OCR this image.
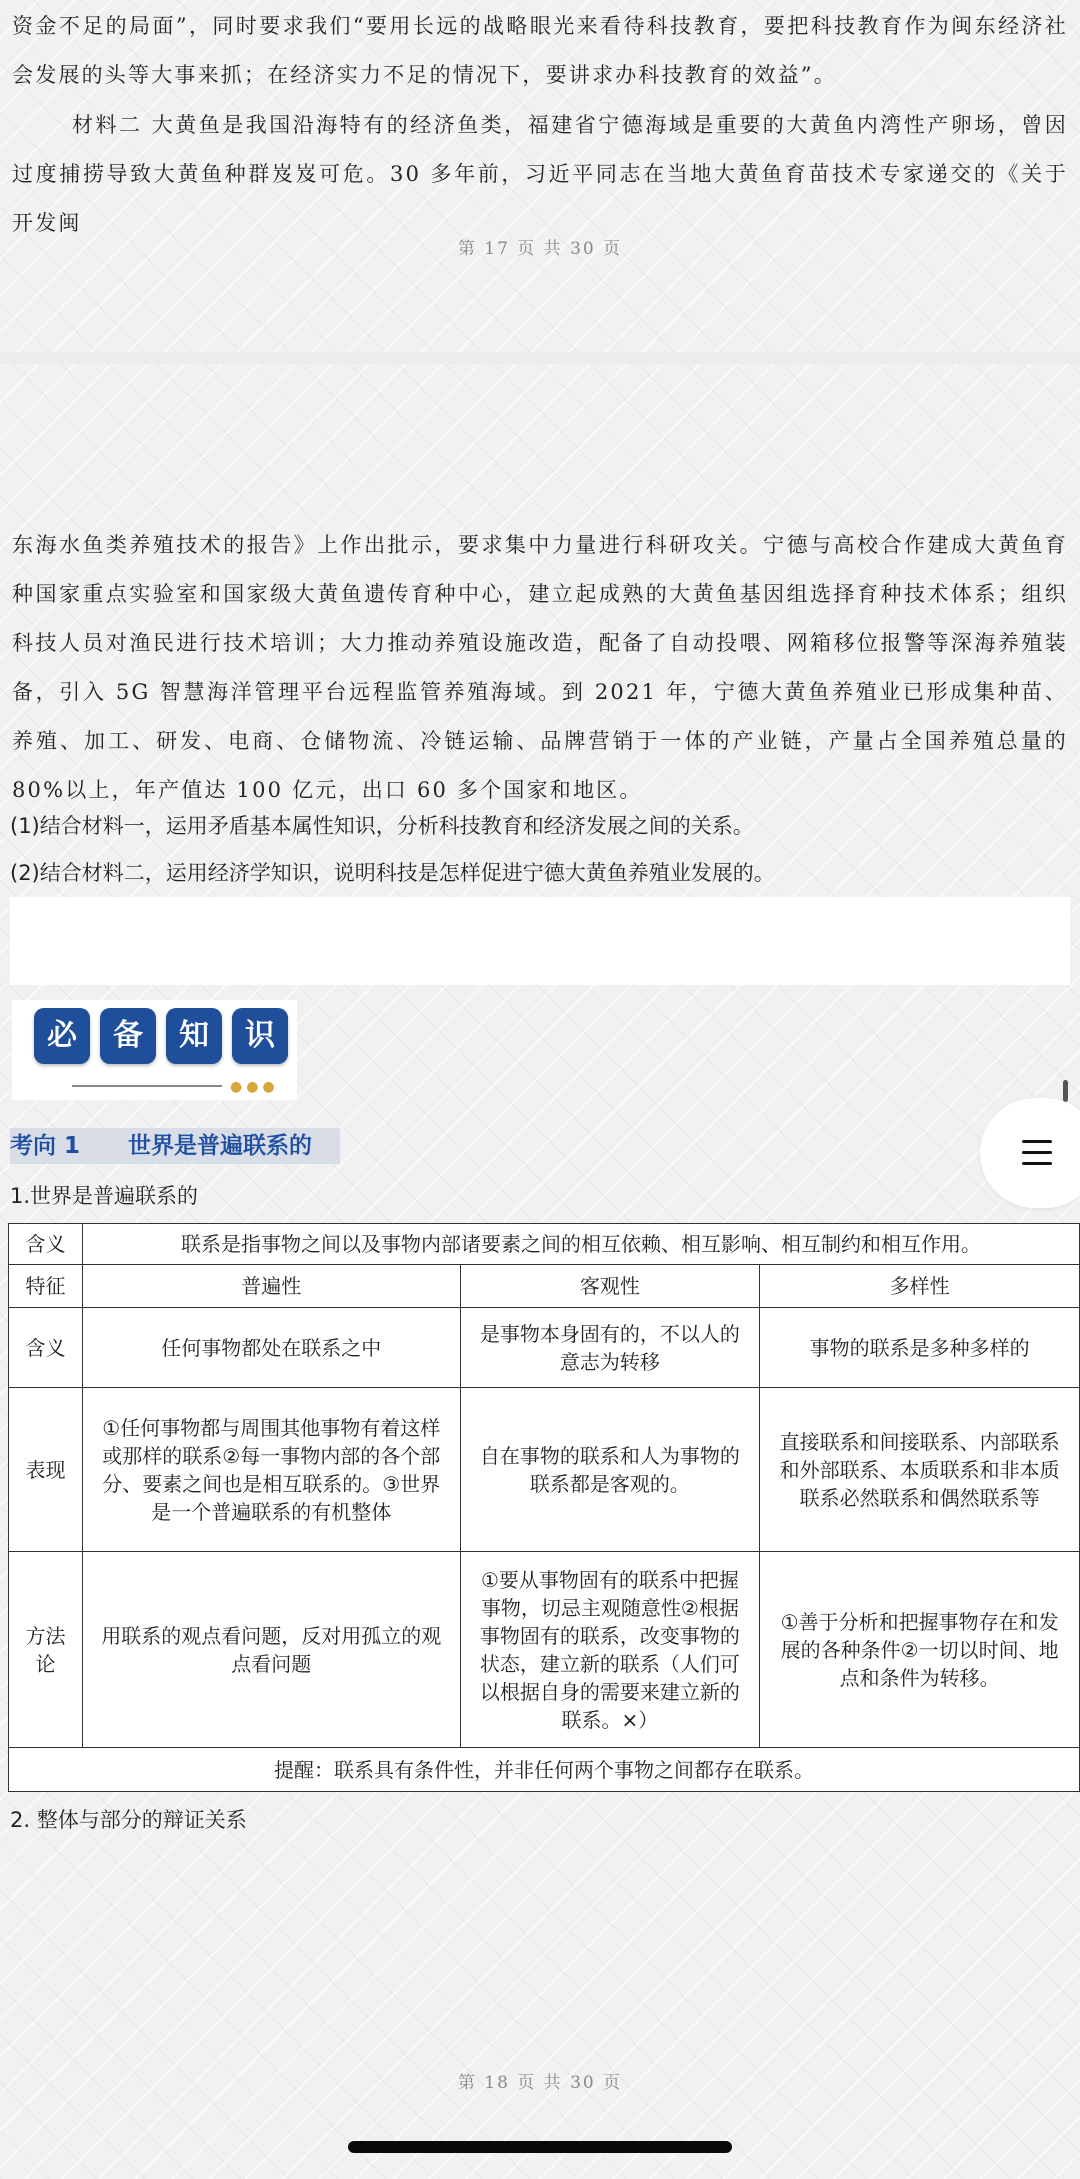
资金不足的局面”，同时要求我们“要用长远的战略眼光来看待科技教育，要把科技教育作为闽东经济社会发展的头等大事来抓；在经济实力不足的情况下，要讲求办科技教育的效益”。

材料二 大黄鱼是我国沿海特有的经济鱼类，福建省宁德海域是重要的大黄鱼内湾性产卵场，曾因过度捕捞导致大黄鱼种群岌岌可危。30 多年前，习近平同志在当地大黄鱼育苗技术专家递交的《关于开发闽

第 17 页 共 30 页

东海水鱼类养殖技术的报告》上作出批示，要求集中力量进行科研攻关。宁德与高校合作建成大黄鱼育种国家重点实验室和国家级大黄鱼遗传育种中心，建立起成熟的大黄鱼基因组选择育种技术体系；组织科技人员对渔民进行技术培训；大力推动养殖设施改造，配备了自动投喂、网箱移位报警等深海养殖装备，引入 5G 智慧海洋管理平台远程监管养殖海域。到 2021 年，宁德大黄鱼养殖业已形成集种苗、养殖、加工、研发、电商、仓储物流、冷链运输、品牌营销于一体的产业链，产量占全国养殖总量的 80%以上，年产值达 100 亿元，出口 60 多个国家和地区。

(1)结合材料一，运用矛盾基本属性知识，分析科技教育和经济发展之间的关系。
(2)结合材料二，运用经济学知识，说明科技是怎样促进宁德大黄鱼养殖业发展的。
必	备	知	识
●●●
考向 1      世界是普遍联系的
1.世界是普遍联系的
含义	联系是指事物之间以及事物内部诸要素之间的相互依赖、相互影响、相互制约和相互作用。		
特征	普遍性	客观性	多样性
含义	任何事物都处在联系之中	是事物本身固有的，不以人的意志为转移	事物的联系是多种多样的
表现	①任何事物都与周围其他事物有着这样或那样的联系②每一事物内部的各个部分、要素之间也是相互联系的。③世界是一个普遍联系的有机整体	自在事物的联系和人为事物的联系都是客观的。	直接联系和间接联系、内部联系和外部联系、本质联系和非本质联系必然联系和偶然联系等
方法论	用联系的观点看问题，反对用孤立的观点看问题	①要从事物固有的联系中把握事物，切忌主观随意性②根据事物固有的联系，改变事物的状态，建立新的联系（人们可以根据自身的需要来建立新的联系。×）	①善于分析和把握事物存在和发展的各种条件②一切以时间、地点和条件为转移。
提醒：联系具有条件性，并非任何两个事物之间都存在联系。			
2. 整体与部分的辩证关系
第 18 页 共 30 页
